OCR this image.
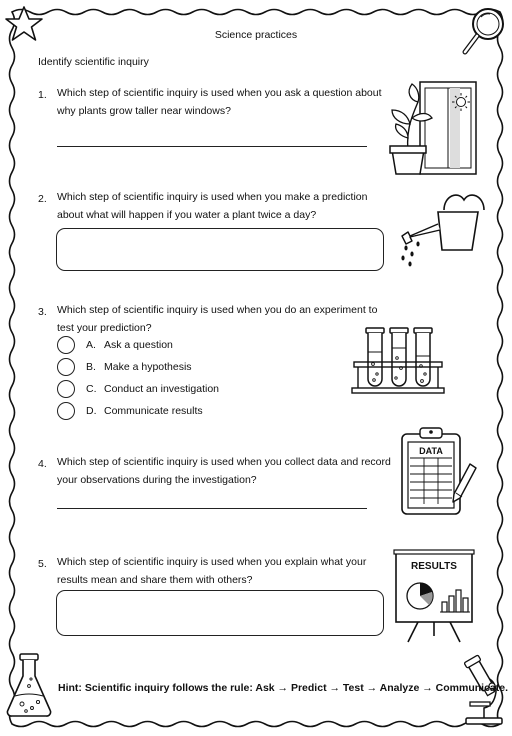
Science practices
Identify scientific inquiry
1. Which step of scientific inquiry is used when you ask a question about why plants grow taller near windows?
2. Which step of scientific inquiry is used when you make a prediction about what will happen if you water a plant twice a day?
3. Which step of scientific inquiry is used when you do an experiment to test your prediction?
A. Ask a question
B. Make a hypothesis
C. Conduct an investigation
D. Communicate results
4. Which step of scientific inquiry is used when you collect data and record your observations during the investigation?
DATA
5. Which step of scientific inquiry is used when you explain what your results mean and share them with others?
RESULTS
Hint: Scientific inquiry follows the rule: Ask → Predict → Test → Analyze → Communicate.
